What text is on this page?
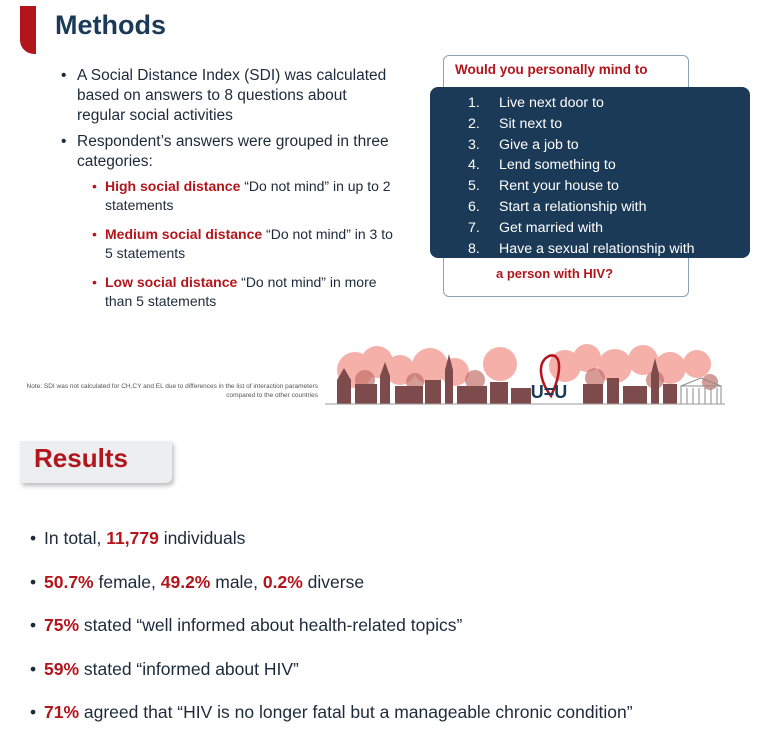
Methods
• A Social Distance Index (SDI) was calculated based on answers to 8 questions about regular social activities
• Respondent’s answers were grouped in three categories:
• High social distance “Do not mind” in up to 2 statements
• Medium social distance “Do not mind” in 3 to 5 statements
• Low social distance “Do not mind” in more than 5 statements
Would you personally mind to
1.	Live next door to
2.	Sit next to
3.	Give a job to
4.	Lend something to
5.	Rent your house to
6.	Start a relationship with
7.	Get married with
8.	Have a sexual relationship with
a person with HIV?
Note: SDI was not calculated for CH,CY and EL due to differences in the list of interaction parameters compared to the other countries	U=U
Results
• In total, 11,779 individuals
• 50.7% female, 49.2% male, 0.2% diverse
• 75% stated “well informed about health-related topics”
• 59% stated “informed about HIV”
• 71% agreed that “HIV is no longer fatal but a manageable chronic condition”
